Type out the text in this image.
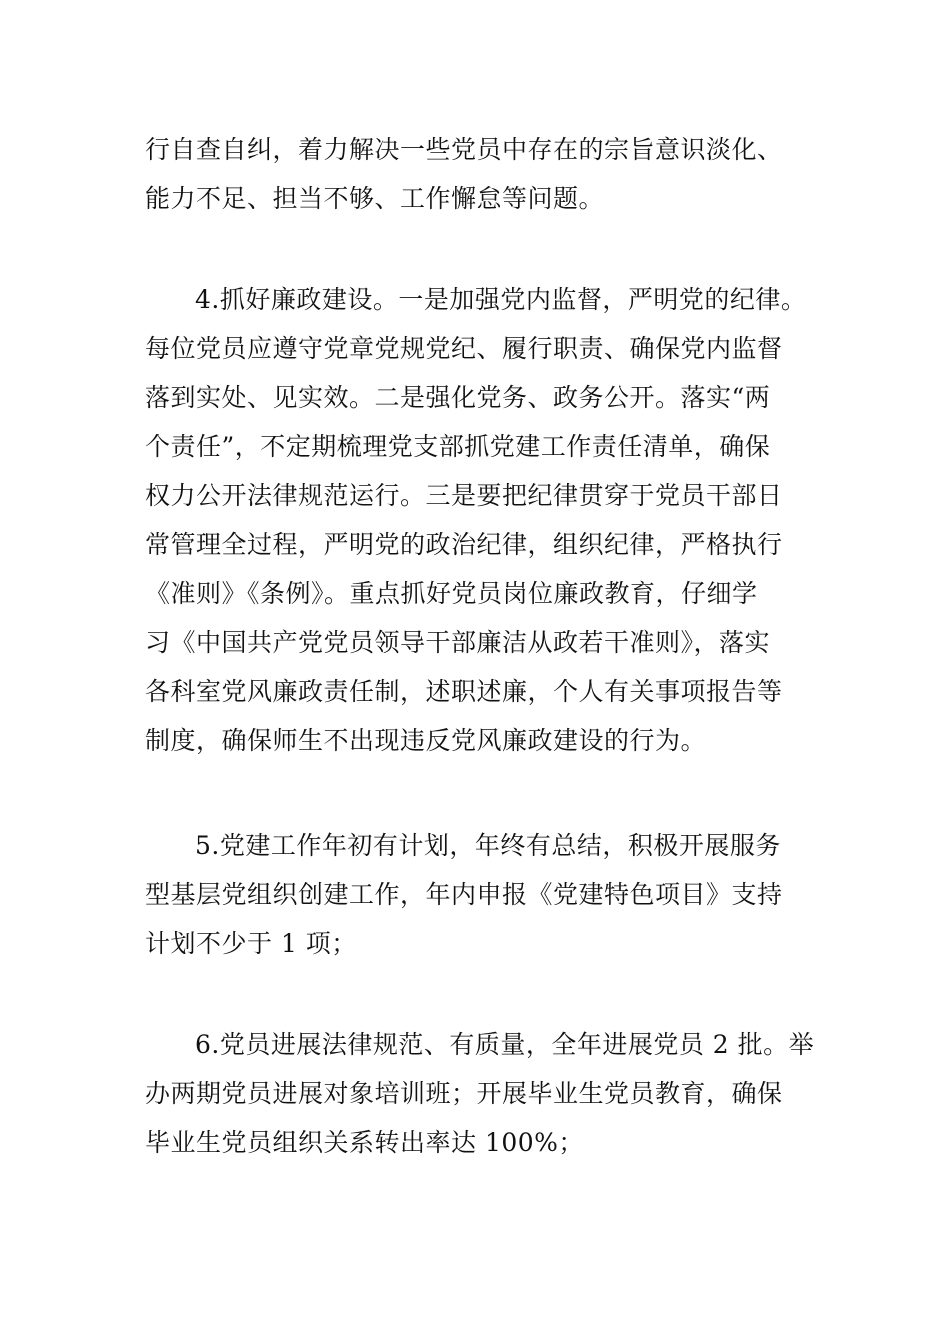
行自查自纠，着力解决一些党员中存在的宗旨意识淡化、
能力不足、担当不够、工作懈怠等问题。
4.抓好廉政建设。一是加强党内监督，严明党的纪律。
每位党员应遵守党章党规党纪、履行职责、确保党内监督
落到实处、见实效。二是强化党务、政务公开。落实“两
个责任”，不定期梳理党支部抓党建工作责任清单，确保
权力公开法律规范运行。三是要把纪律贯穿于党员干部日
常管理全过程，严明党的政治纪律，组织纪律，严格执行
《准则》《条例》。重点抓好党员岗位廉政教育，仔细学
习《中国共产党党员领导干部廉洁从政若干准则》，落实
各科室党风廉政责任制，述职述廉，个人有关事项报告等
制度，确保师生不出现违反党风廉政建设的行为。
5.党建工作年初有计划，年终有总结，积极开展服务
型基层党组织创建工作，年内申报《党建特色项目》支持
计划不少于 1 项；
6.党员进展法律规范、有质量，全年进展党员 2 批。举
办两期党员进展对象培训班；开展毕业生党员教育，确保
毕业生党员组织关系转出率达 100%；
